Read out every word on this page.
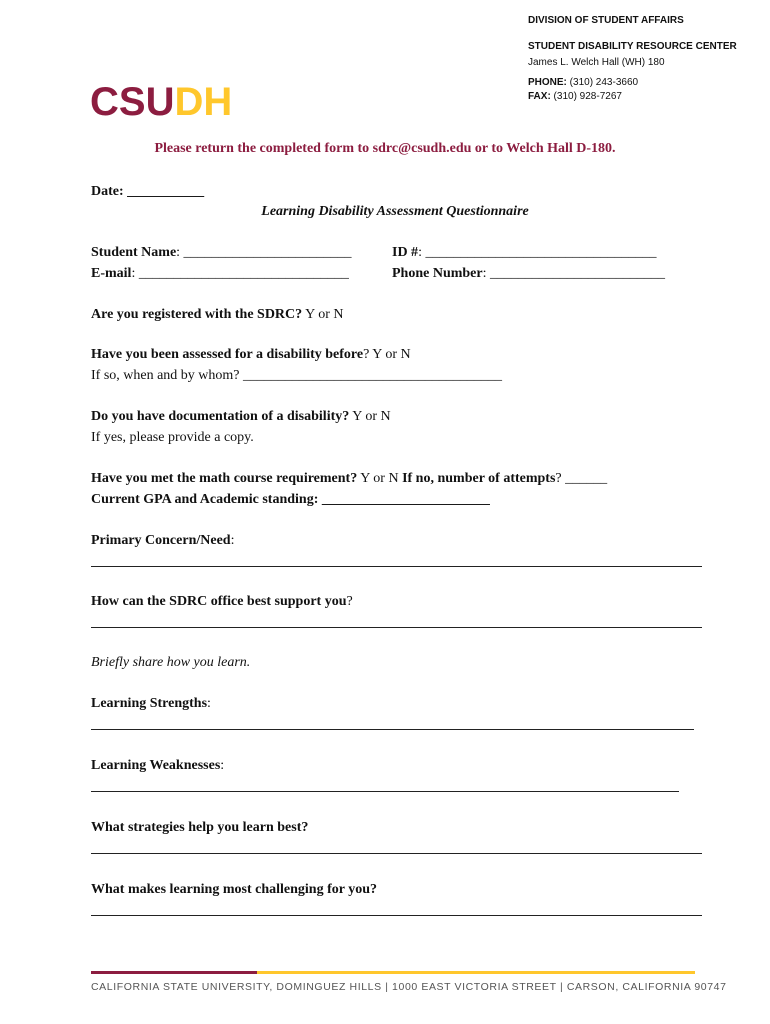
DIVISION OF STUDENT AFFAIRS
STUDENT DISABILITY RESOURCE CENTER
James L. Welch Hall (WH) 180
PHONE: (310) 243-3660
FAX: (310) 928-7267
CSUDH
Please return the completed form to sdrc@csudh.edu or to Welch Hall D-180.
Date: ___________
Learning Disability Assessment Questionnaire
Student Name: ________________________	ID #: _________________________________
E-mail: ______________________________	Phone Number: _________________________
Are you registered with the SDRC? Y or N
Have you been assessed for a disability before? Y or N
If so, when and by whom? _____________________________________
Do you have documentation of a disability? Y or N
If yes, please provide a copy.
Have you met the math course requirement? Y or N If no, number of attempts? ______
Current GPA and Academic standing: ________________________
Primary Concern/Need:
How can the SDRC office best support you?
Briefly share how you learn.
Learning Strengths:
Learning Weaknesses:
What strategies help you learn best?
What makes learning most challenging for you?
CALIFORNIA STATE UNIVERSITY, DOMINGUEZ HILLS | 1000 EAST VICTORIA STREET | CARSON, CALIFORNIA 90747
